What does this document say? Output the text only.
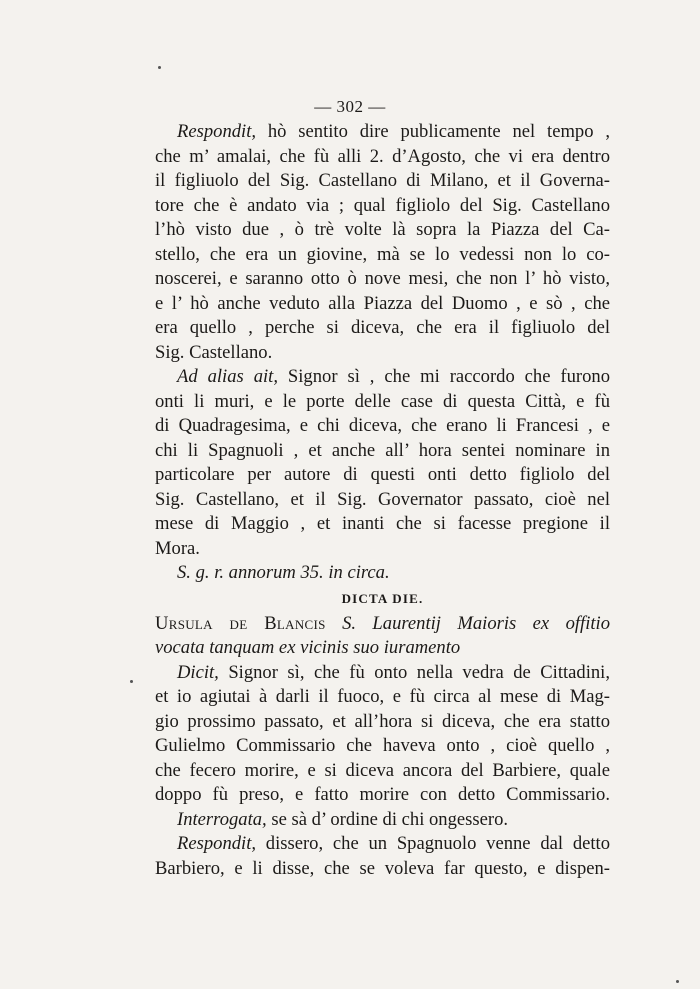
— 302 —
Respondit, hò sentito dire publicamente nel tempo ,
che m’ amalai, che fù alli 2. d’Agosto, che vi era dentro
il figliuolo del Sig. Castellano di Milano, et il Governa-
tore che è andato via ; qual figliolo del Sig. Castellano
l’hò visto due , ò trè volte là sopra la Piazza del Ca-
stello, che era un giovine, mà se lo vedessi non lo co-
noscerei, e saranno otto ò nove mesi, che non l’ hò visto,
e l’ hò anche veduto alla Piazza del Duomo , e sò , che
era quello , perche si diceva, che era il figliuolo del
Sig. Castellano.
Ad alias ait, Signor sì , che mi raccordo che furono
onti li muri, e le porte delle case di questa Città, e fù
di Quadragesima, e chi diceva, che erano li Francesi , e
chi li Spagnuoli , et anche all’ hora sentei nominare in
particolare per autore di questi onti detto figliolo del
Sig. Castellano, et il Sig. Governator passato, cioè nel
mese di Maggio , et inanti che si facesse pregione il
Mora.
S. g. r. annorum 35. in circa.
DICTA DIE.
Ursula de Blancis S. Laurentij Maioris ex offitio
vocata tanquam ex vicinis suo iuramento
Dicit, Signor sì, che fù onto nella vedra de Cittadini,
et io agiutai à darli il fuoco, e fù circa al mese di Mag-
gio prossimo passato, et all’hora si diceva, che era statto
Gulielmo Commissario che haveva onto , cioè quello ,
che fecero morire, e si diceva ancora del Barbiere, quale
doppo fù preso, e fatto morire con detto Commissario.
Interrogata, se sà d’ ordine di chi ongessero.
Respondit, dissero, che un Spagnuolo venne dal detto
Barbiero, e li disse, che se voleva far questo, e dispen-
